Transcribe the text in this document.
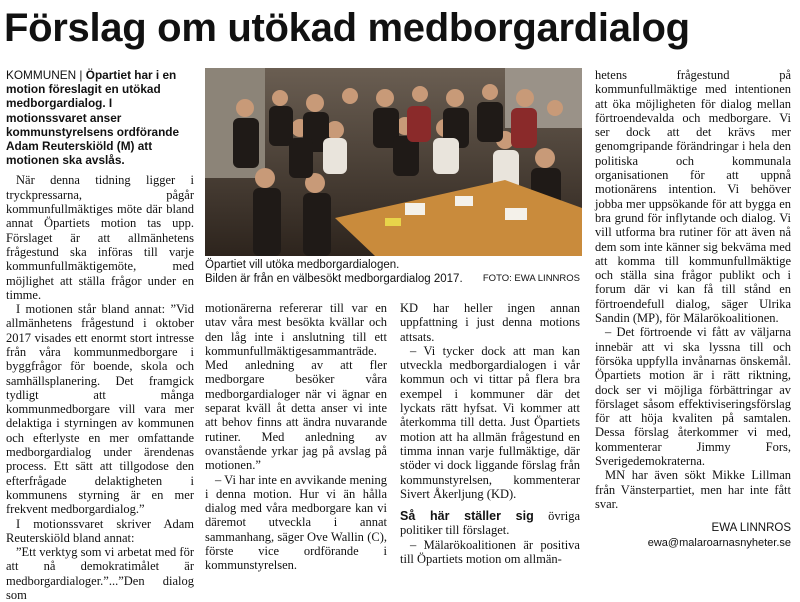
Förslag om utökad medborgardialog

KOMMUNEN | Öpartiet har i en motion föreslagit en utökad medborgardialog. I motionssvaret anser kommunstyrelsens ordförande Adam Reuterskiöld (M) att motionen ska avslås.

När denna tidning ligger i tryckpressarna, pågår kommunfullmäktiges möte där bland annat Öpartiets motion tas upp. Förslaget är att allmänhetens frågestund ska införas till varje kommunfullmäktigemöte, med möjlighet att ställa frågor under en timme.

I motionen står bland annat: ”Vid allmänhetens frågestund i oktober 2017 visades ett enormt stort intresse från våra kommunmedborgare i byggfrågor för boende, skola och samhällsplanering. Det framgick tydligt att många kommunmedborgare vill vara mer delaktiga i styrningen av kommunen och efterlyste en mer omfattande medborgardialog under ärendenas process. Ett sätt att tillgodose den efterfrågade delaktigheten i kommunens styrning är en mer frekvent medborgardialog.”

I motionssvaret skriver Adam Reuterskiöld bland annat:

”Ett verktyg som vi arbetat med för att nå demokratimålet är medborgardialoger.”...”Den dialog som

Öpartiet vill utöka medborgardialogen.
Bilden är från en välbesökt medborgardialog 2017.	FOTO: EWA LINNROS

motionärerna refererar till var en utav våra mest besökta kvällar och den låg inte i anslutning till ett kommunfullmäktigesammanträde. Med anledning av att fler medborgare besöker våra medborgardialoger när vi ägnar en separat kväll åt detta anser vi inte att behov finns att ändra nuvarande rutiner. Med anledning av ovanstående yrkar jag på avslag på motionen.”

– Vi har inte en avvikande mening i denna motion. Hur vi än hålla dialog med våra medborgare kan vi däremot utveckla i annat sammanhang, säger Ove Wallin (C), förste vice ordförande i kommunstyrelsen.

KD har heller ingen annan uppfattning i just denna motions attsats.

– Vi tycker dock att man kan utveckla medborgardialogen i vår kommun och vi tittar på flera bra exempel i kommuner där det lyckats rätt hyfsat. Vi kommer att återkomma till detta. Just Öpartiets motion att ha allmän frågestund en timma innan varje fullmäktige, där stöder vi dock liggande förslag från kommunstyrelsen, kommenterar Sivert Åkerljung (KD).

Så här ställer sig övriga politiker till förslaget.

– Mälarökoalitionen är positiva till Öpartiets motion om allmän-

hetens frågestund på kommunfullmäktige med intentionen att öka möjligheten för dialog mellan förtroendevalda och medborgare. Vi ser dock att det krävs mer genomgripande förändringar i hela den politiska och kommunala organisationen för att uppnå motionärens intention. Vi behöver jobba mer uppsökande för att bygga en bra grund för inflytande och dialog. Vi vill utforma bra rutiner för att även nå dem som inte känner sig bekväma med att komma till kommunfullmäktige och ställa sina frågor publikt och i forum där vi kan få till stånd en förtroendefull dialog, säger Ulrika Sandin (MP), för Mälarökoalitionen.

– Det förtroende vi fått av väljarna innebär att vi ska lyssna till och försöka uppfylla invånarnas önskemål. Öpartiets motion är i rätt riktning, dock ser vi möjliga förbättringar av förslaget såsom effektiviseringsförslag för att höja kvaliten på samtalen. Dessa förslag återkommer vi med, kommenterar Jimmy Fors, Sverigedemokraterna.

MN har även sökt Mikke Lillman från Vänsterpartiet, men har inte fått svar.

EWA LINNROS

ewa@malaroarnasnyheter.se
